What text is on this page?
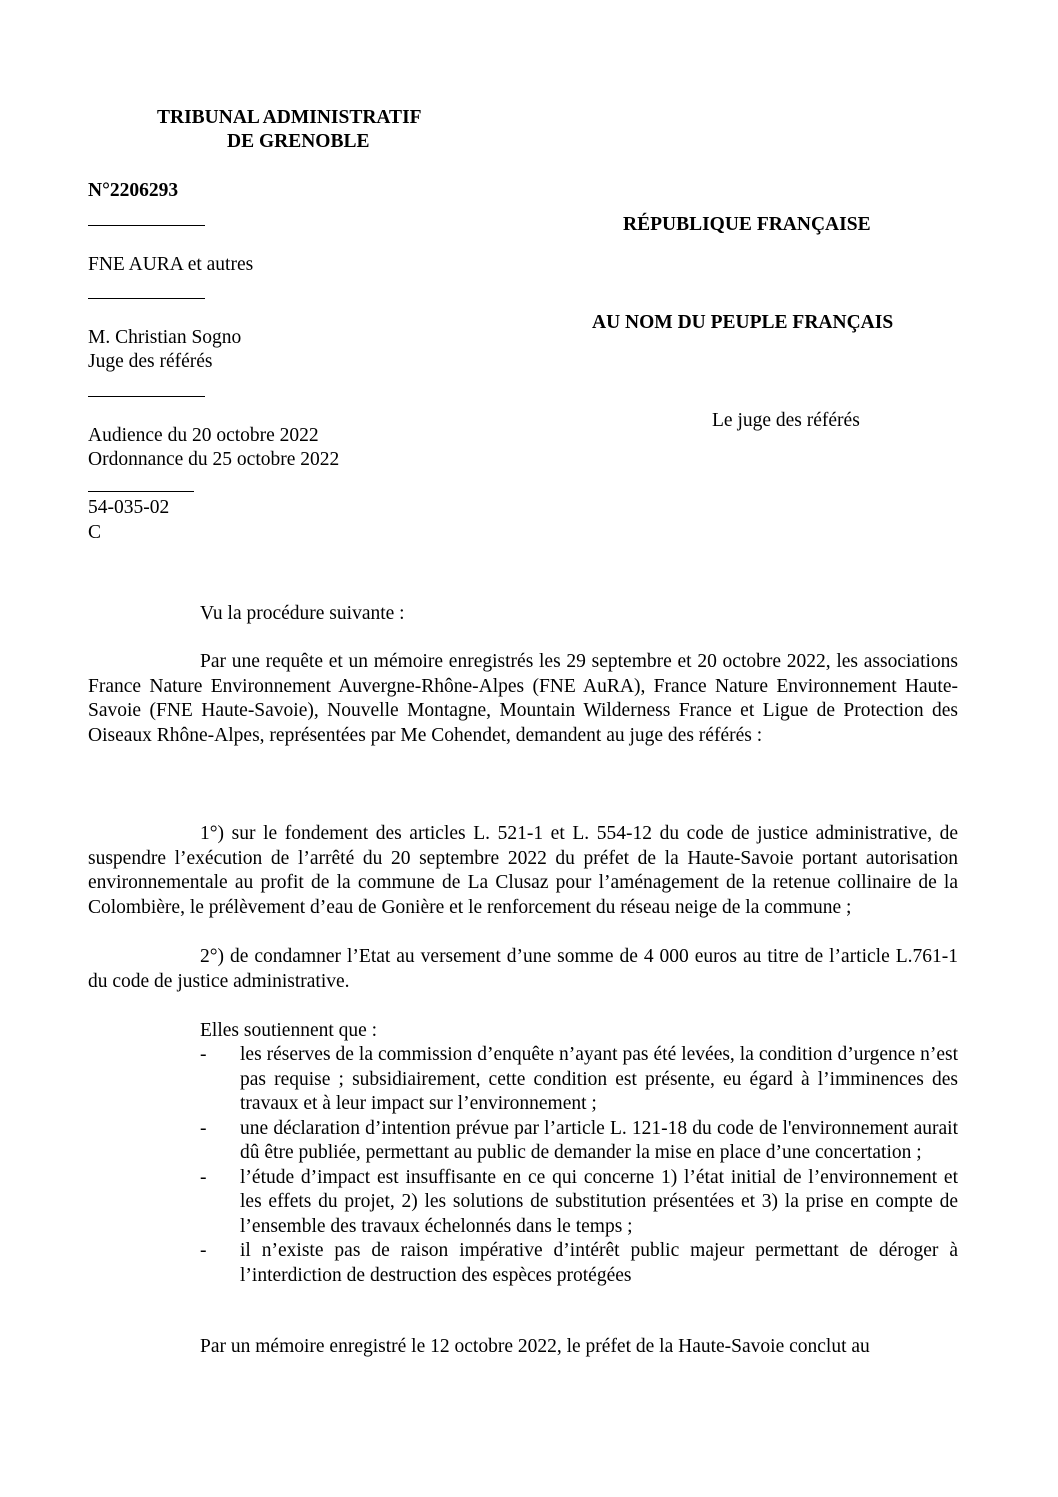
TRIBUNAL ADMINISTRATIF
DE GRENOBLE
N°2206293
FNE AURA et autres
M. Christian Sogno
Juge des référés
Audience du 20 octobre 2022
Ordonnance du 25 octobre 2022
54-035-02
C
RÉPUBLIQUE FRANÇAISE
AU NOM DU PEUPLE FRANÇAIS
Le juge des référés
Vu la procédure suivante :
Par une requête et un mémoire enregistrés les 29 septembre et 20 octobre 2022, les associations France Nature Environnement Auvergne-Rhône-Alpes (FNE AuRA), France Nature Environnement Haute-Savoie (FNE Haute-Savoie), Nouvelle Montagne, Mountain Wilderness France et Ligue de Protection des Oiseaux Rhône-Alpes, représentées par Me Cohendet, demandent au juge des référés :
1°) sur le fondement des articles L. 521-1 et L. 554-12 du code de justice administrative, de suspendre l’exécution de l’arrêté du 20 septembre 2022 du préfet de la Haute-Savoie portant autorisation environnementale au profit de la commune de La Clusaz pour l’aménagement de la retenue collinaire de la Colombière, le prélèvement d’eau de Gonière et le renforcement du réseau neige de la commune ;
2°) de condamner l’Etat au versement d’une somme de 4 000 euros au titre de l’article L.761-1 du code de justice administrative.
Elles soutiennent que :
- les réserves de la commission d’enquête n’ayant pas été levées, la condition d’urgence n’est pas requise ; subsidiairement, cette condition est présente, eu égard à l’imminences des travaux et à leur impact sur l’environnement ;
- une déclaration d’intention prévue par l’article L. 121-18 du code de l'environnement aurait dû être publiée, permettant au public de demander la mise en place d’une concertation ;
- l’étude d’impact est insuffisante en ce qui concerne 1) l’état initial de l’environnement et les effets du projet, 2) les solutions de substitution présentées et 3) la prise en compte de l’ensemble des travaux échelonnés dans le temps ;
- il n’existe pas de raison impérative d’intérêt public majeur permettant de déroger à l’interdiction de destruction des espèces protégées
Par un mémoire enregistré le 12 octobre 2022, le préfet de la Haute-Savoie conclut au
